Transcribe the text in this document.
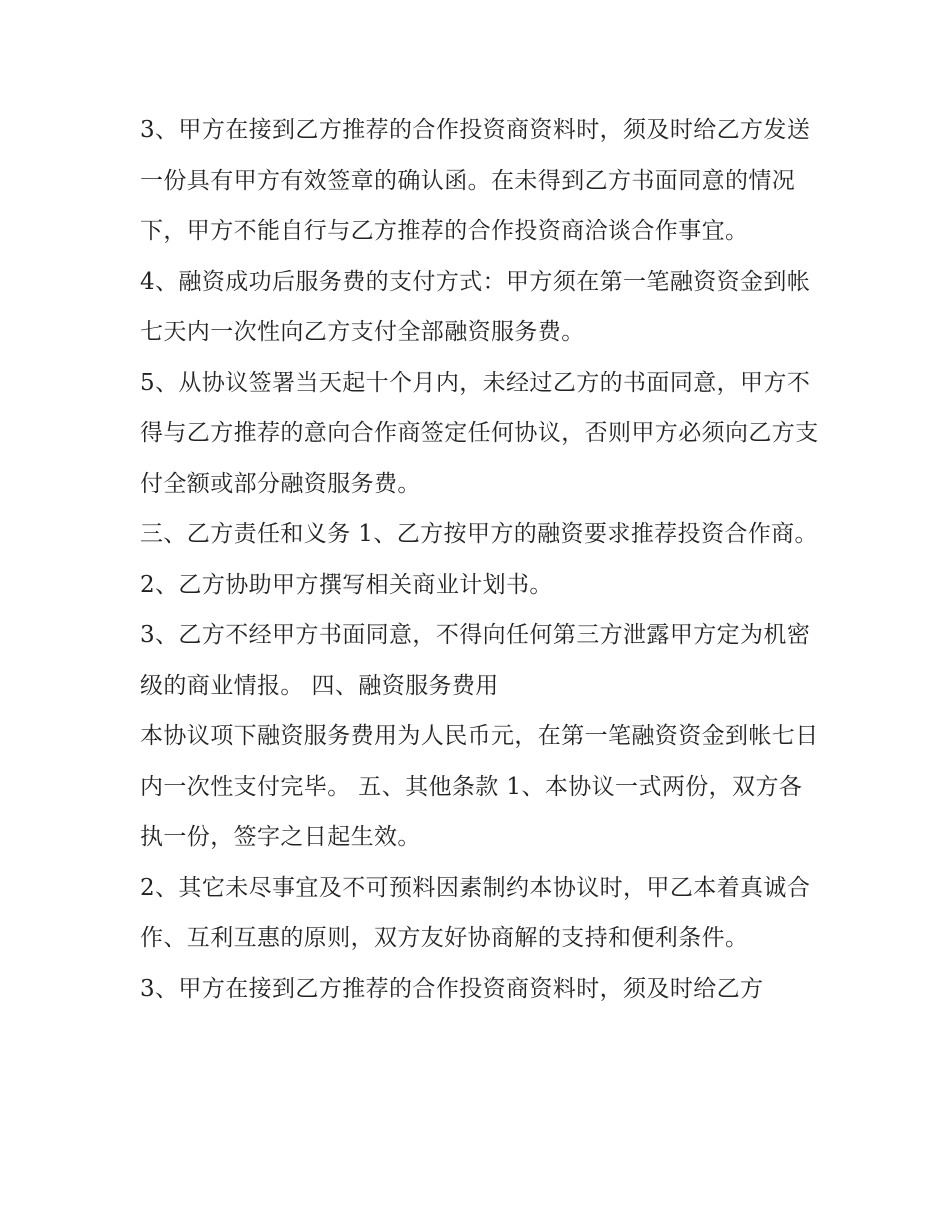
3、甲方在接到乙方推荐的合作投资商资料时，须及时给乙方发送一份具有甲方有效签章的确认函。在未得到乙方书面同意的情况下，甲方不能自行与乙方推荐的合作投资商洽谈合作事宜。

4、融资成功后服务费的支付方式：甲方须在第一笔融资资金到帐七天内一次性向乙方支付全部融资服务费。

5、从协议签署当天起十个月内，未经过乙方的书面同意，甲方不得与乙方推荐的意向合作商签定任何协议，否则甲方必须向乙方支付全额或部分融资服务费。

三、乙方责任和义务 1、乙方按甲方的融资要求推荐投资合作商。 2、乙方协助甲方撰写相关商业计划书。

3、乙方不经甲方书面同意，不得向任何第三方泄露甲方定为机密级的商业情报。 四、融资服务费用

本协议项下融资服务费用为人民币元，在第一笔融资资金到帐七日内一次性支付完毕。 五、其他条款 1、本协议一式两份，双方各执一份，签字之日起生效。

2、其它未尽事宜及不可预料因素制约本协议时，甲乙本着真诚合作、互利互惠的原则，双方友好协商解的支持和便利条件。

3、甲方在接到乙方推荐的合作投资商资料时，须及时给乙方
